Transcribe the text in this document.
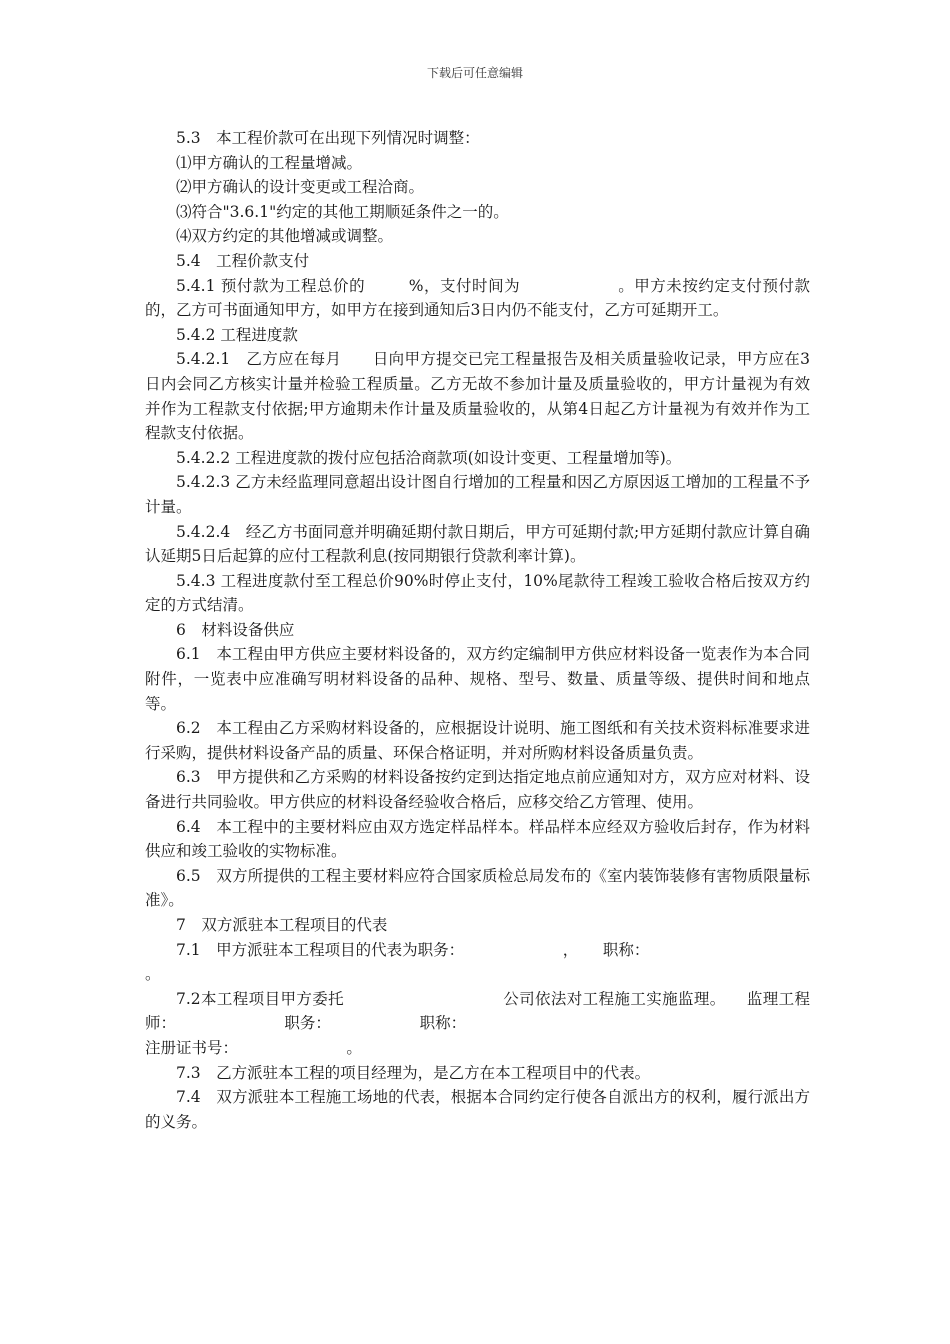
下载后可任意编辑

5.3　本工程价款可在出现下列情况时调整：

⑴甲方确认的工程量增减。

⑵甲方确认的设计变更或工程洽商。

⑶符合"3.6.1"约定的其他工期顺延条件之一的。

⑷双方约定的其他增减或调整。

5.4　工程价款支付

5.4.1 预付款为工程总价的        %，支付时间为                  。甲方未按约定支付预付款的，乙方可书面通知甲方，如甲方在接到通知后3日内仍不能支付，乙方可延期开工。

5.4.2 工程进度款

5.4.2.1　乙方应在每月      日向甲方提交已完工程量报告及相关质量验收记录，甲方应在3日内会同乙方核实计量并检验工程质量。乙方无故不参加计量及质量验收的，甲方计量视为有效并作为工程款支付依据;甲方逾期未作计量及质量验收的，从第4日起乙方计量视为有效并作为工程款支付依据。

5.4.2.2 工程进度款的拨付应包括洽商款项(如设计变更、工程量增加等)。

5.4.2.3 乙方未经监理同意超出设计图自行增加的工程量和因乙方原因返工增加的工程量不予计量。

5.4.2.4　经乙方书面同意并明确延期付款日期后，甲方可延期付款;甲方延期付款应计算自确认延期5日后起算的应付工程款利息(按同期银行贷款利率计算)。

5.4.3 工程进度款付至工程总价90%时停止支付，10%尾款待工程竣工验收合格后按双方约定的方式结清。

6　材料设备供应

6.1　本工程由甲方供应主要材料设备的，双方约定编制甲方供应材料设备一览表作为本合同附件，一览表中应准确写明材料设备的品种、规格、型号、数量、质量等级、提供时间和地点等。

6.2　本工程由乙方采购材料设备的，应根据设计说明、施工图纸和有关技术资料标准要求进行采购，提供材料设备产品的质量、环保合格证明，并对所购材料设备质量负责。

6.3　甲方提供和乙方采购的材料设备按约定到达指定地点前应通知对方，双方应对材料、设备进行共同验收。甲方供应的材料设备经验收合格后，应移交给乙方管理、使用。

6.4　本工程中的主要材料应由双方选定样品样本。样品样本应经双方验收后封存，作为材料供应和竣工验收的实物标准。

6.5　双方所提供的工程主要材料应符合国家质检总局发布的《室内装饰装修有害物质限量标准》。

7　双方派驻本工程项目的代表

7.1　甲方派驻本工程项目的代表为职务：                    ，     职称：

。

7.2本工程项目甲方委托                              公司依法对工程施工实施监理。    监理工程师：                      职务：                  职称：

注册证书号：                      。

7.3　乙方派驻本工程的项目经理为，是乙方在本工程项目中的代表。

7.4　双方派驻本工程施工场地的代表，根据本合同约定行使各自派出方的权利，履行派出方的义务。
